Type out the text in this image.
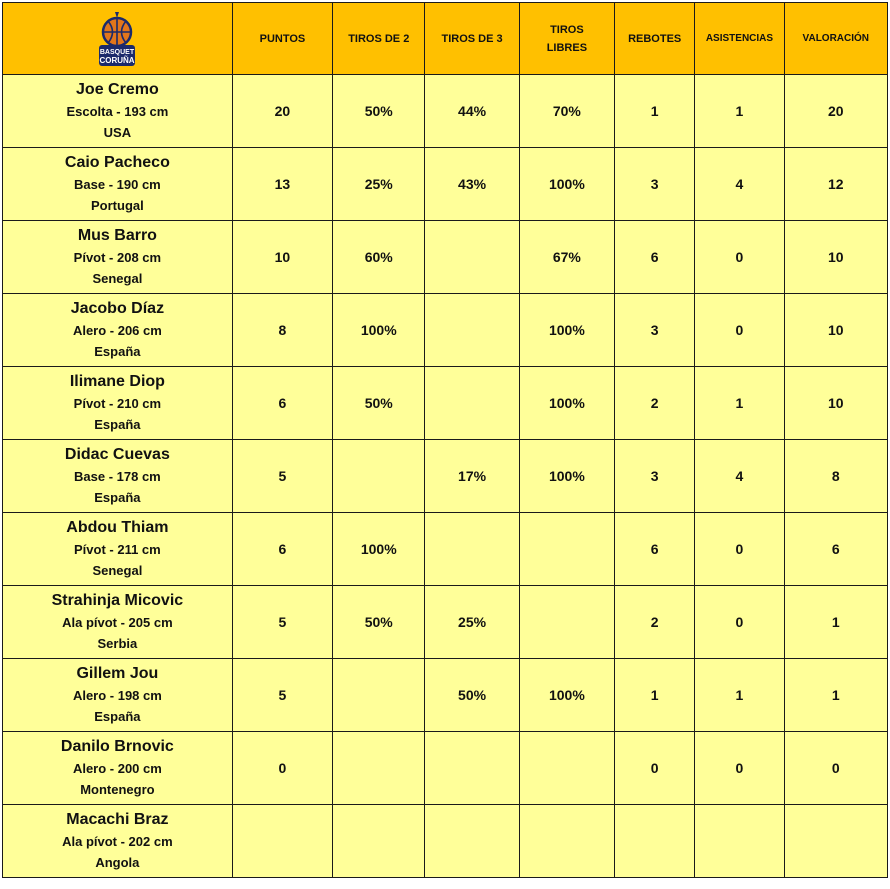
BASQUET
CORUÑA	PUNTOS	TIROS DE 2	TIROS DE 3	TIROS
LIBRES	REBOTES	ASISTENCIAS	VALORACIÓN

Joe Cremo
Escolta - 193 cm
USA	20	50%	44%	70%	1	1	20

Caio Pacheco
Base - 190 cm
Portugal	13	25%	43%	100%	3	4	12

Mus Barro
Pívot - 208 cm
Senegal	10	60%		67%	6	0	10

Jacobo Díaz
Alero - 206 cm
España	8	100%		100%	3	0	10

Ilimane Diop
Pívot - 210 cm
España	6	50%		100%	2	1	10

Didac Cuevas
Base - 178 cm
España	5		17%	100%	3	4	8

Abdou Thiam
Pívot - 211 cm
Senegal	6	100%			6	0	6

Strahinja Micovic
Ala pívot - 205 cm
Serbia	5	50%	25%		2	0	1

Gillem Jou
Alero - 198 cm
España	5		50%	100%	1	1	1

Danilo Brnovic
Alero - 200 cm
Montenegro	0				0	0	0

Macachi Braz
Ala pívot - 202 cm
Angola							
